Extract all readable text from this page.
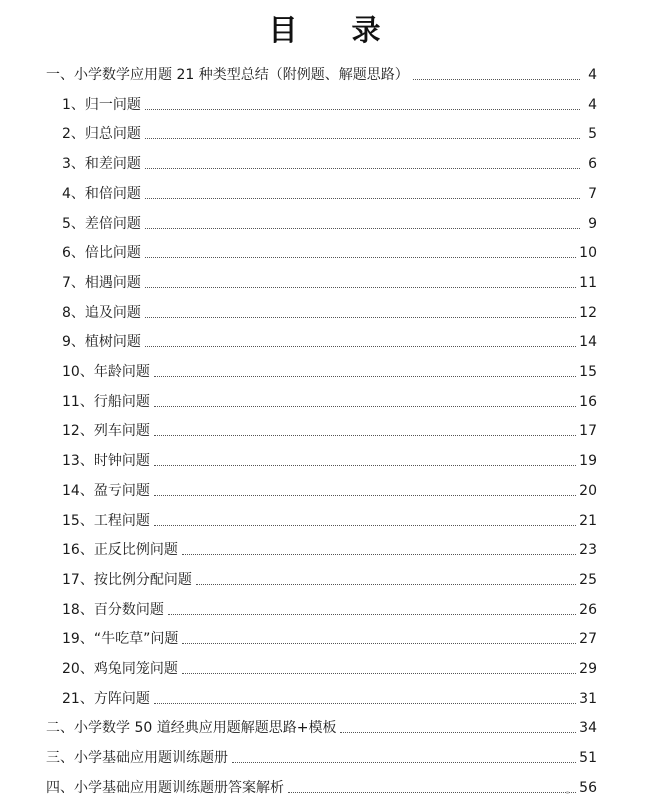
目 录
一、小学数学应用题 21 种类型总结（附例题、解题思路）	4
1、归一问题	4
2、归总问题	5
3、和差问题	6
4、和倍问题	7
5、差倍问题	9
6、倍比问题	10
7、相遇问题	11
8、追及问题	12
9、植树问题	14
10、年龄问题	15
11、行船问题	16
12、列车问题	17
13、时钟问题	19
14、盈亏问题	20
15、工程问题	21
16、正反比例问题	23
17、按比例分配问题	25
18、百分数问题	26
19、“牛吃草”问题	27
20、鸡兔同笼问题	29
21、方阵问题	31
二、小学数学 50 道经典应用题解题思路+模板	34
三、小学基础应用题训练题册	51
四、小学基础应用题训练题册答案解析	56
